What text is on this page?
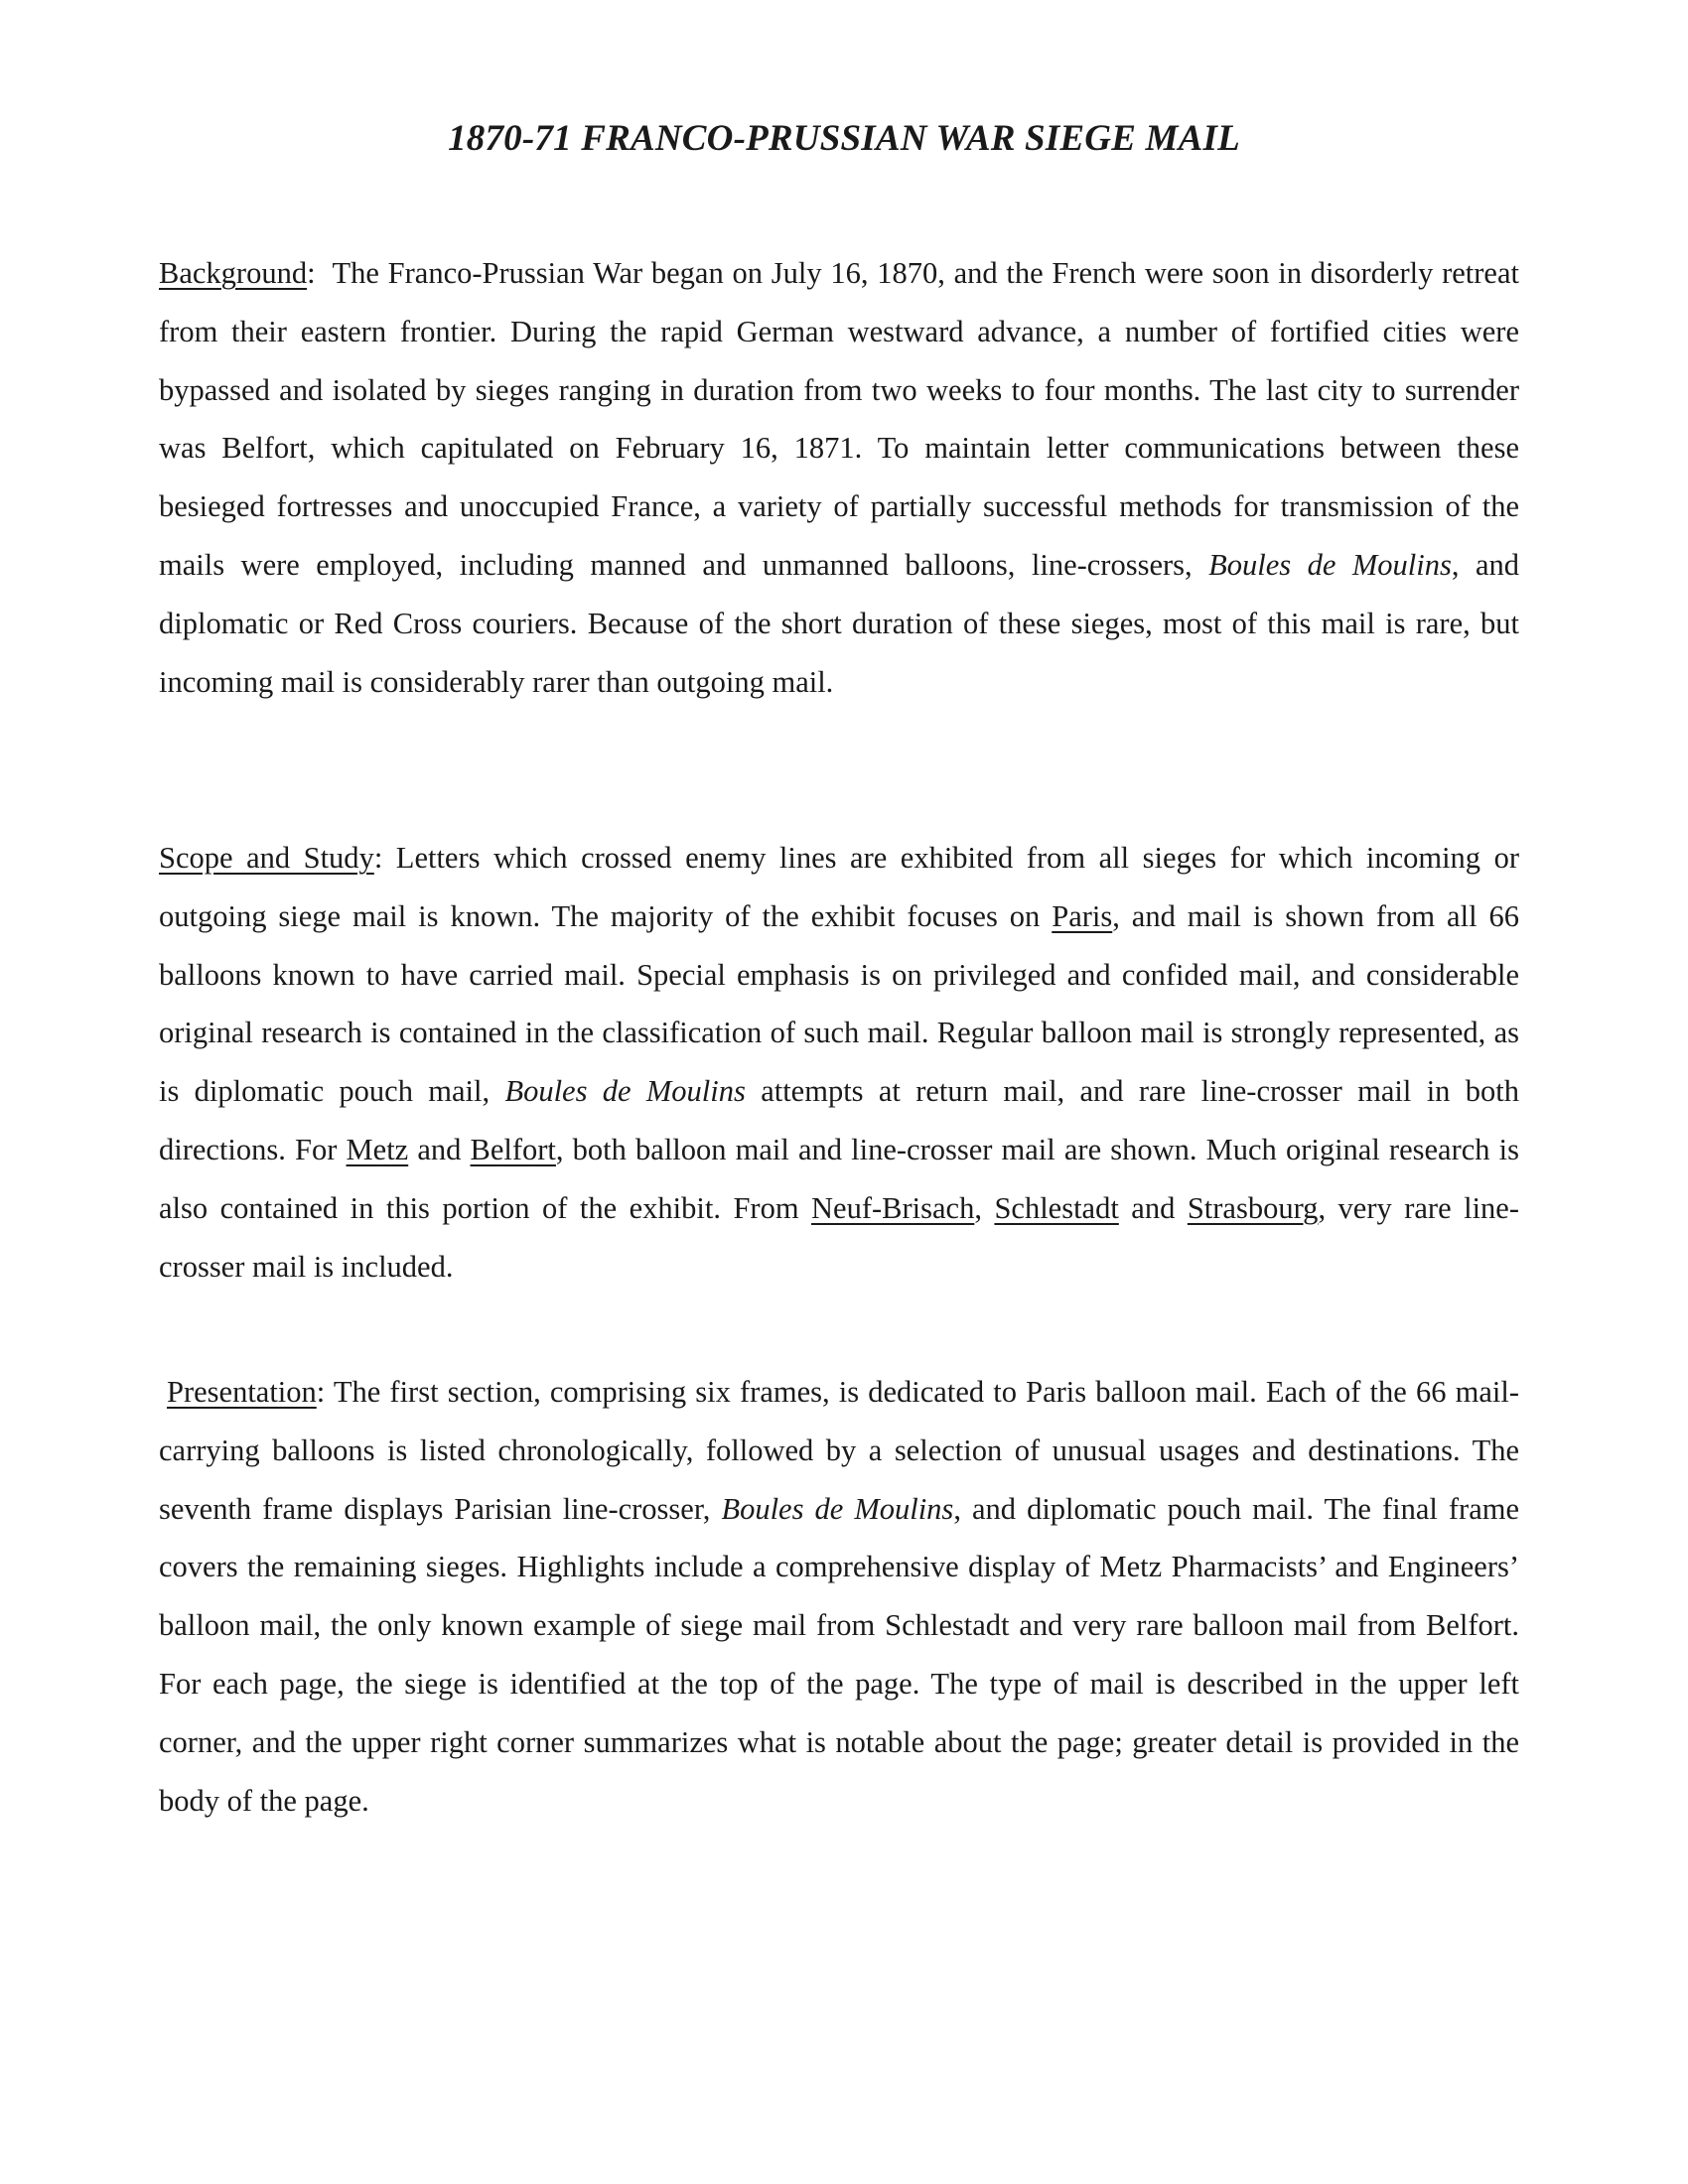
1870-71 FRANCO-PRUSSIAN WAR SIEGE MAIL

Background:  The Franco-Prussian War began on July 16, 1870, and the French were soon in disorderly retreat from their eastern frontier. During the rapid German westward advance, a number of fortified cities were bypassed and isolated by sieges ranging in duration from two weeks to four months. The last city to surrender was Belfort, which capitulated on February 16, 1871. To maintain letter communications between these besieged fortresses and unoccupied France, a variety of partially successful methods for transmission of the mails were employed, including manned and unmanned balloons, line-crossers, Boules de Moulins, and diplomatic or Red Cross couriers. Because of the short duration of these sieges, most of this mail is rare, but incoming mail is considerably rarer than outgoing mail.

Scope and Study: Letters which crossed enemy lines are exhibited from all sieges for which incoming or outgoing siege mail is known. The majority of the exhibit focuses on Paris, and mail is shown from all 66 balloons known to have carried mail. Special emphasis is on privileged and confided mail, and considerable original research is contained in the classification of such mail. Regular balloon mail is strongly represented, as is diplomatic pouch mail, Boules de Moulins attempts at return mail, and rare line-crosser mail in both directions. For Metz and Belfort, both balloon mail and line-crosser mail are shown. Much original research is also contained in this portion of the exhibit. From Neuf-Brisach, Schlestadt and Strasbourg, very rare line-crosser mail is included.

Presentation: The first section, comprising six frames, is dedicated to Paris balloon mail. Each of the 66 mail-carrying balloons is listed chronologically, followed by a selection of unusual usages and destinations. The seventh frame displays Parisian line-crosser, Boules de Moulins, and diplomatic pouch mail. The final frame covers the remaining sieges. Highlights include a comprehensive display of Metz Pharmacists’ and Engineers’ balloon mail, the only known example of siege mail from Schlestadt and very rare balloon mail from Belfort. For each page, the siege is identified at the top of the page. The type of mail is described in the upper left corner, and the upper right corner summarizes what is notable about the page; greater detail is provided in the body of the page.
